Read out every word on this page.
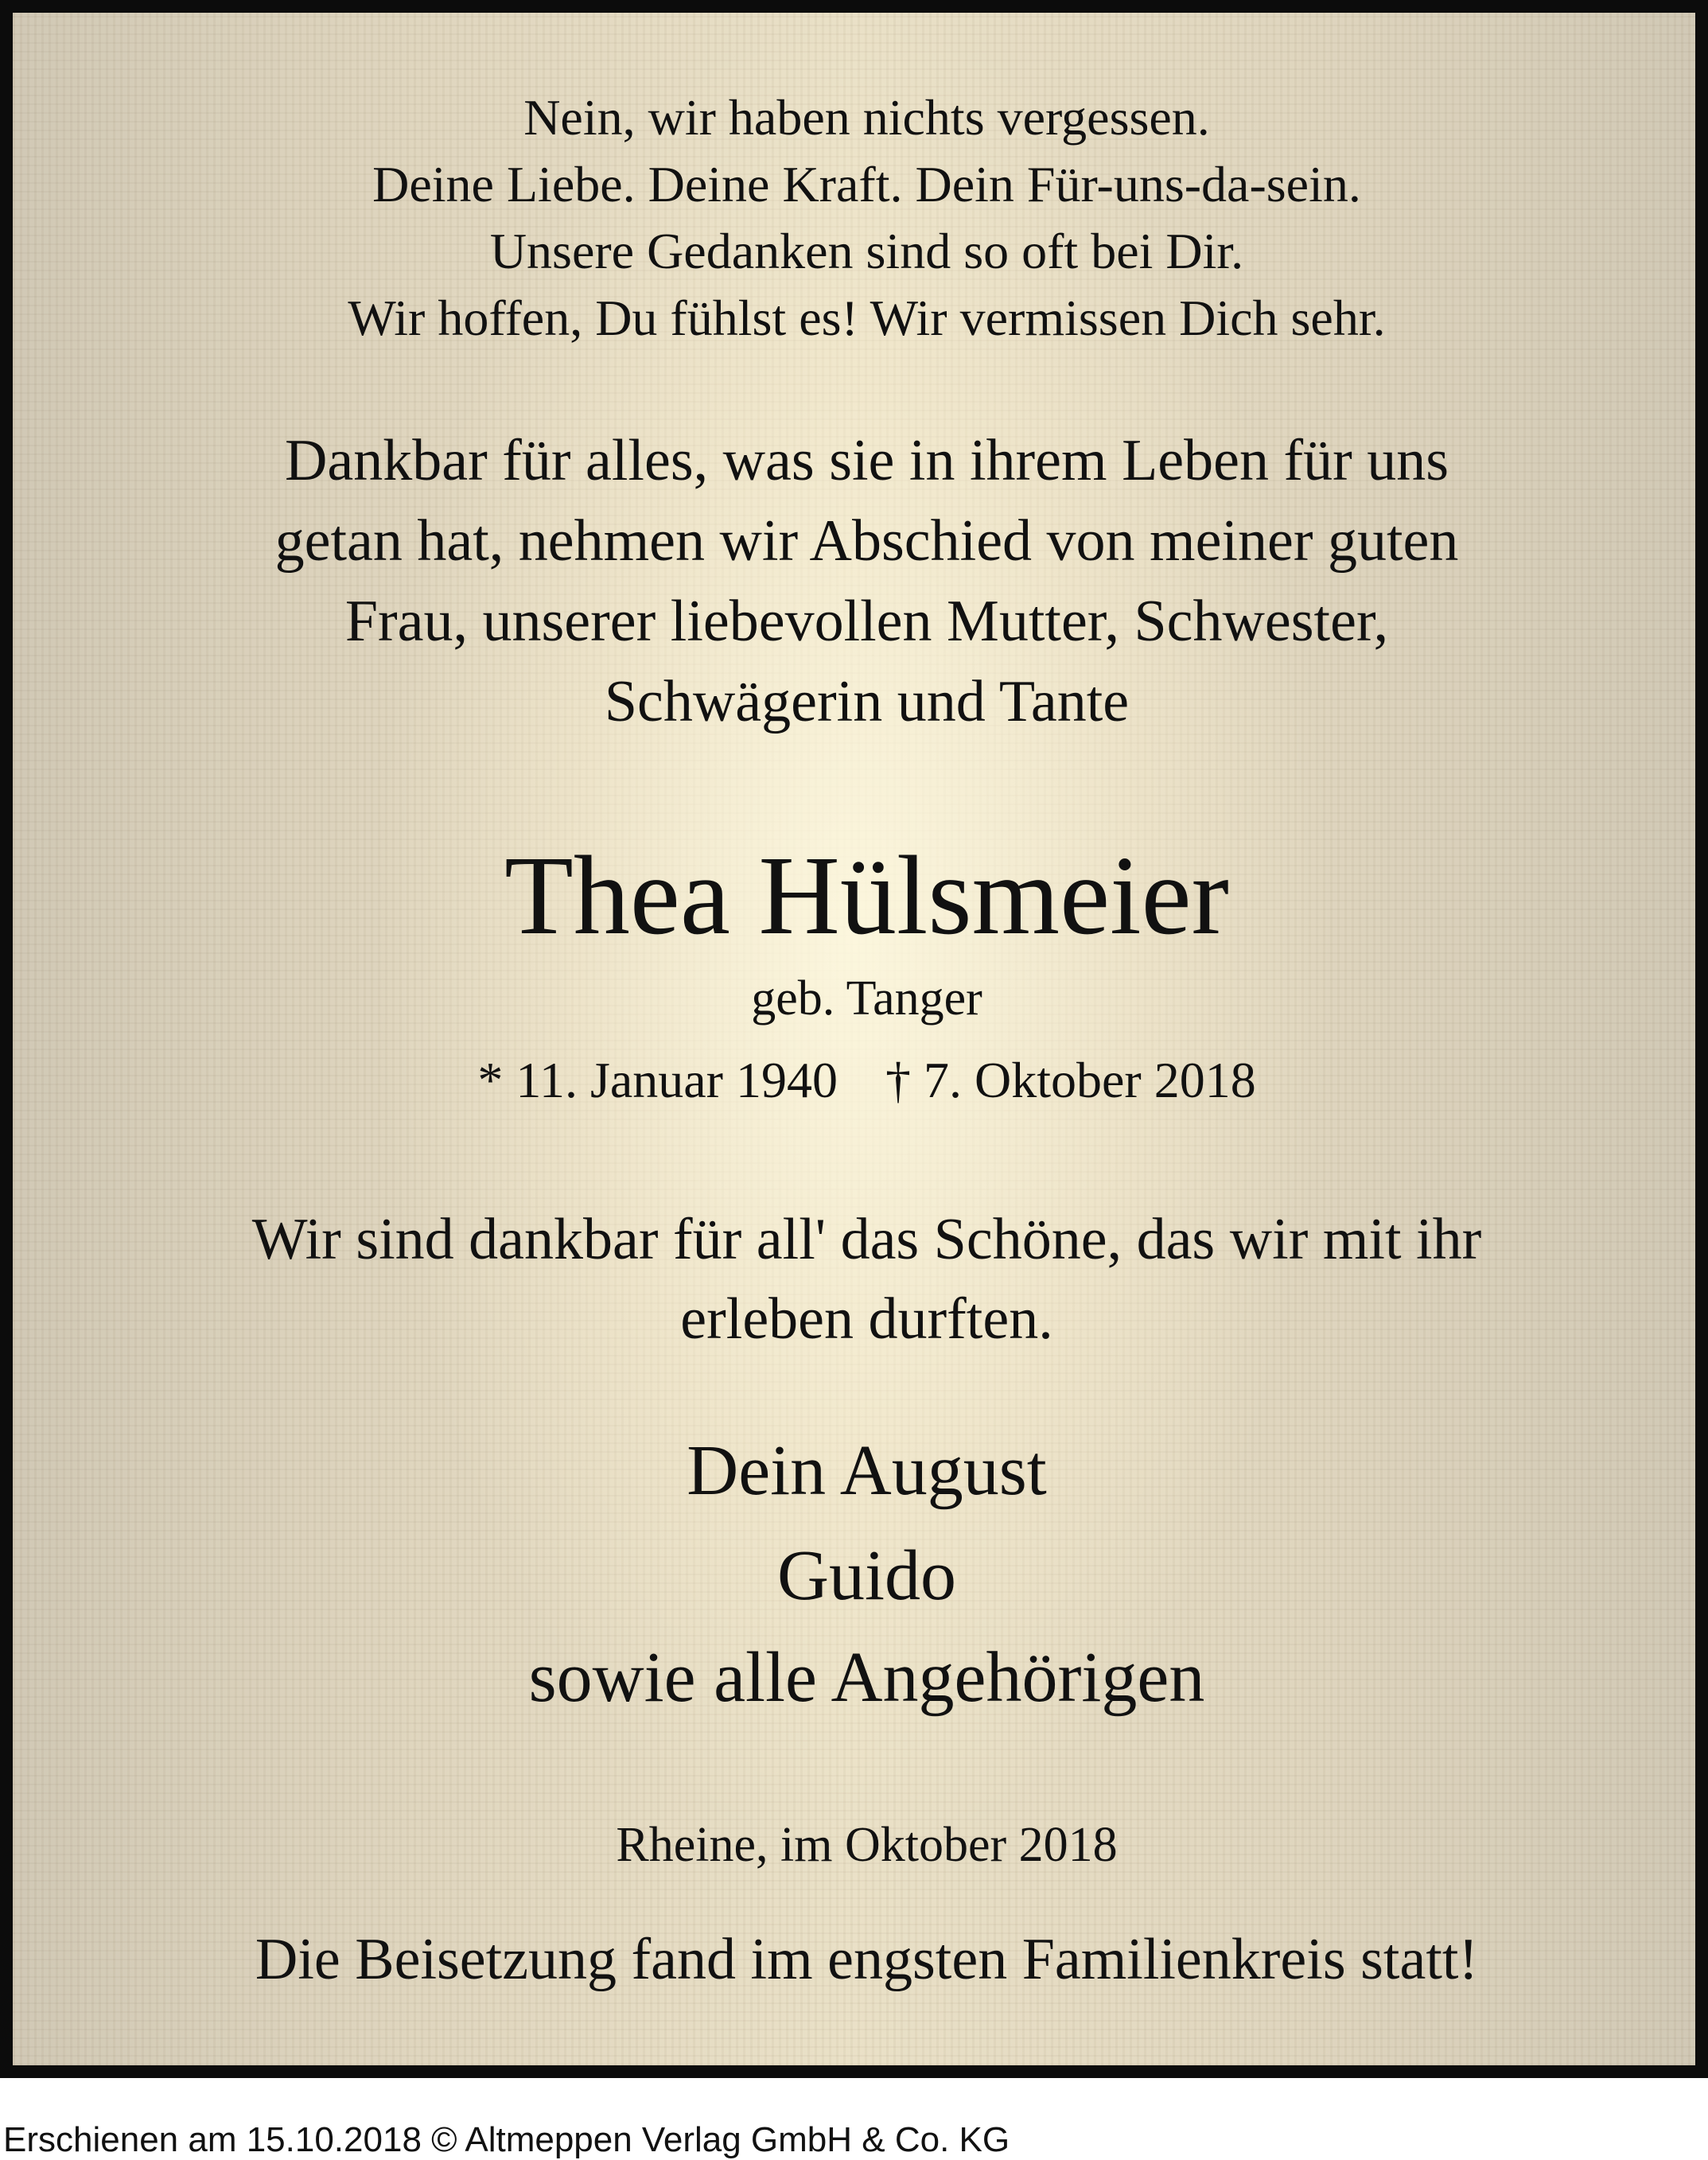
Nein, wir haben nichts vergessen.
Deine Liebe. Deine Kraft. Dein Für-uns-da-sein.
Unsere Gedanken sind so oft bei Dir.
Wir hoffen, Du fühlst es! Wir vermissen Dich sehr.
Dankbar für alles, was sie in ihrem Leben für uns
getan hat, nehmen wir Abschied von meiner guten
Frau, unserer liebevollen Mutter, Schwester,
Schwägerin und Tante
Thea Hülsmeier
geb. Tanger
* 11. Januar 1940 † 7. Oktober 2018
Wir sind dankbar für all' das Schöne, das wir mit ihr
erleben durften.
Dein August
Guido
sowie alle Angehörigen
Rheine, im Oktober 2018
Die Beisetzung fand im engsten Familienkreis statt!
Erschienen am 15.10.2018 © Altmeppen Verlag GmbH & Co. KG
